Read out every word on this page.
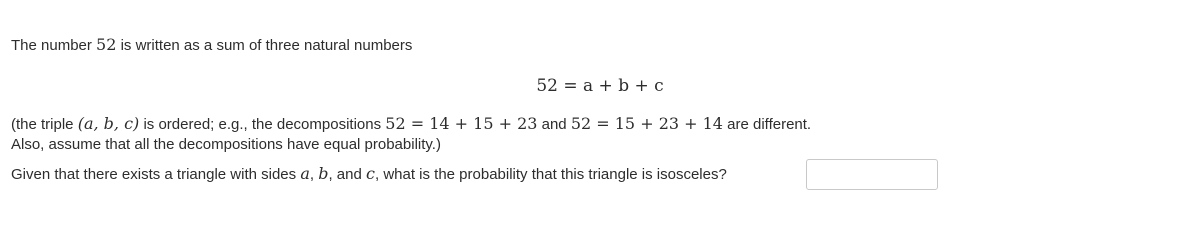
The number 52 is written as a sum of three natural numbers
52 = a + b + c
(the triple (a, b, c) is ordered; e.g., the decompositions 52 = 14 + 15 + 23 and 52 = 15 + 23 + 14 are different.
Also, assume that all the decompositions have equal probability.)
Given that there exists a triangle with sides a, b, and c, what is the probability that this triangle is isosceles?
